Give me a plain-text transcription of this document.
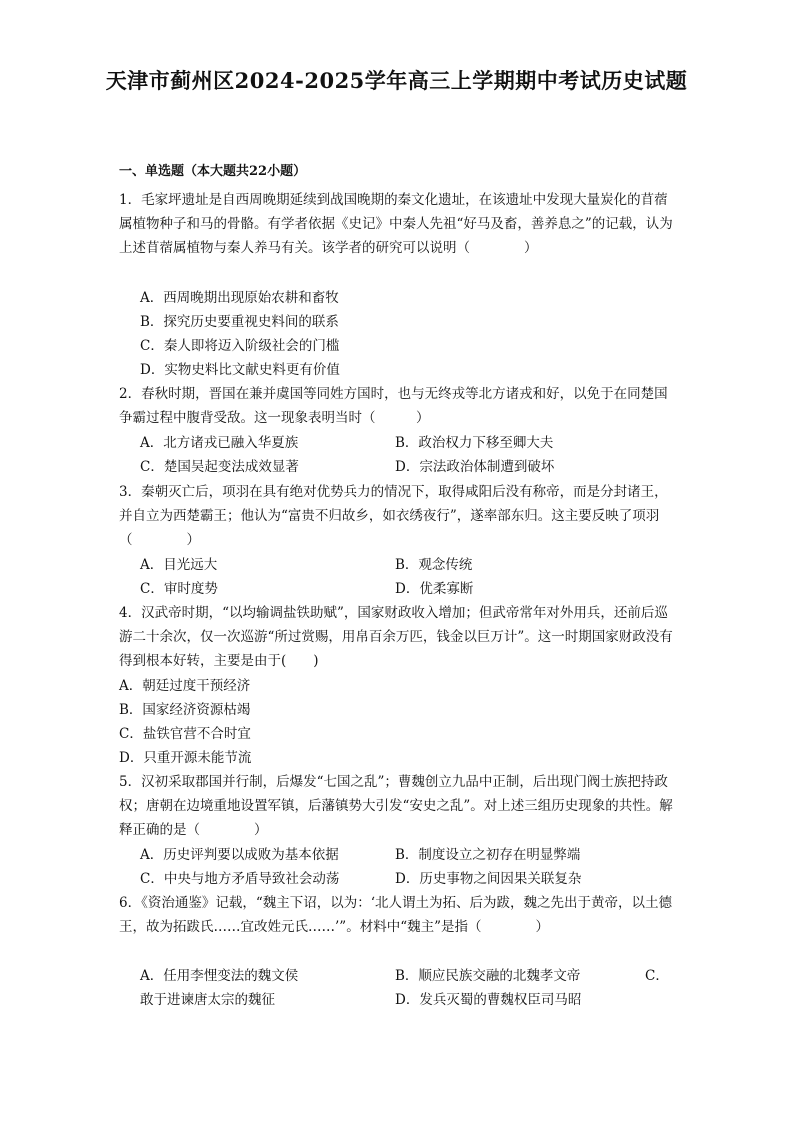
天津市蓟州区2024-2025学年高三上学期期中考试历史试题
一、单选题（本大题共22小题）

1．毛家坪遗址是自西周晚期延续到战国晚期的秦文化遗址，在该遗址中发现大量炭化的苜蓿属植物种子和马的骨骼。有学者依据《史记》中秦人先祖“好马及畜，善养息之”的记载，认为上述苜蓿属植物与秦人养马有关。该学者的研究可以说明（　　　　）

A．西周晚期出现原始农耕和畜牧
B．探究历史要重视史料间的联系
C．秦人即将迈入阶级社会的门槛
D．实物史料比文献史料更有价值

2．春秋时期，晋国在兼并虞国等同姓方国时，也与无终戎等北方诸戎和好，以免于在同楚国争霸过程中腹背受敌。这一现象表明当时（　　　）

A．北方诸戎已融入华夏族	B．政治权力下移至卿大夫
C．楚国吴起变法成效显著	D．宗法政治体制遭到破坏

3．秦朝灭亡后，项羽在具有绝对优势兵力的情况下，取得咸阳后没有称帝，而是分封诸王，并自立为西楚霸王；他认为“富贵不归故乡，如衣绣夜行”，遂率部东归。这主要反映了项羽（　　　　）

A．目光远大	B．观念传统
C．审时度势	D．优柔寡断

4．汉武帝时期，“以均输调盐铁助赋”，国家财政收入增加；但武帝常年对外用兵，还前后巡游二十余次，仅一次巡游“所过赏赐，用帛百余万匹，钱金以巨万计”。这一时期国家财政没有得到根本好转，主要是由于(　　)

A．朝廷过度干预经济
B．国家经济资源枯竭
C．盐铁官营不合时宜
D．只重开源未能节流

5．汉初采取郡国并行制，后爆发“七国之乱”；曹魏创立九品中正制，后出现门阀士族把持政权；唐朝在边境重地设置军镇，后藩镇势大引发“安史之乱”。对上述三组历史现象的共性。解释正确的是（　　　　）

A．历史评判要以成败为基本依据	B．制度设立之初存在明显弊端
C．中央与地方矛盾导致社会动荡	D．历史事物之间因果关联复杂

6．《资治通鉴》记载，“魏主下诏，以为：‘北人谓土为拓、后为跋，魏之先出于黄帝，以土德王，故为拓跋氏……宜改姓元氏……’”。材料中“魏主”是指（　　　　）

A．任用李悝变法的魏文侯	B．顺应民族交融的北魏孝文帝	C．
敢于进谏唐太宗的魏征	D．发兵灭蜀的曹魏权臣司马昭
